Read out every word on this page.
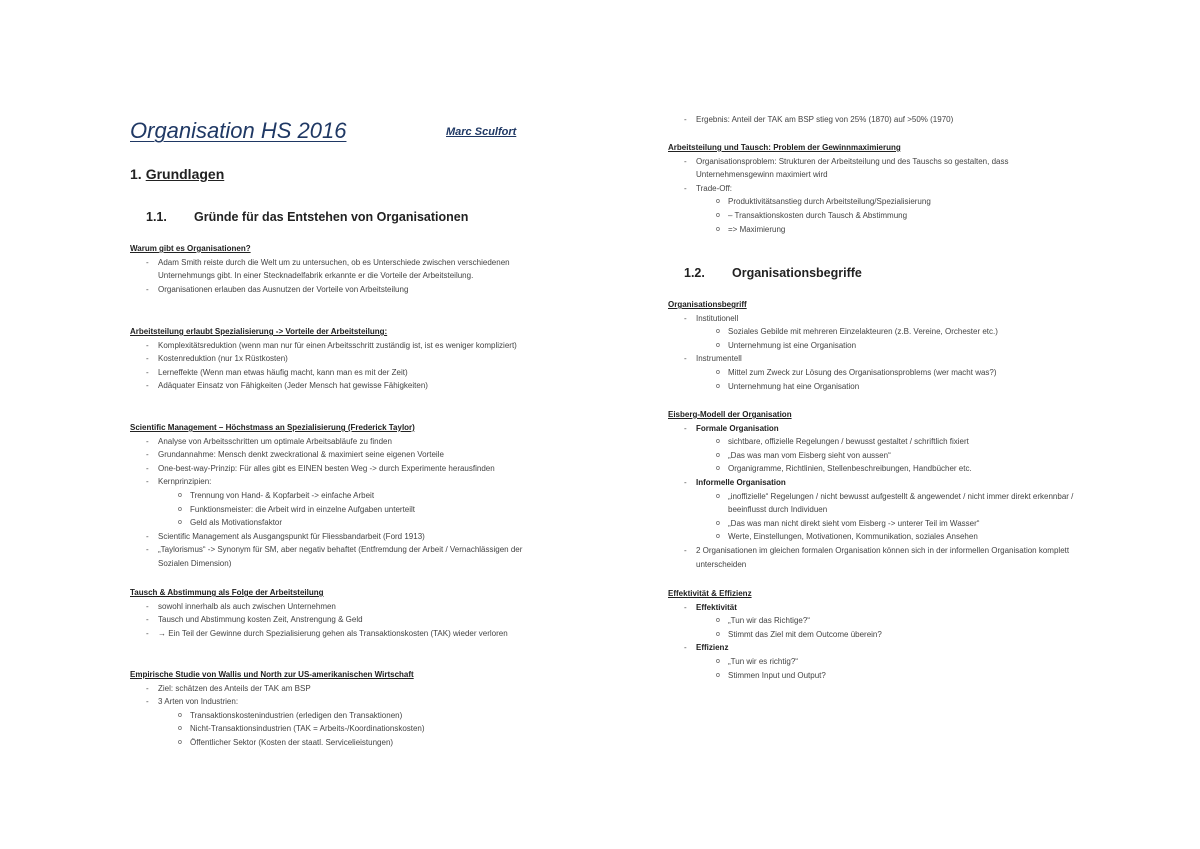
Organisation HS 2016	Marc Sculfort
1. Grundlagen
1.1. Gründe für das Entstehen von Organisationen
Warum gibt es Organisationen?
- Adam Smith reiste durch die Welt um zu untersuchen, ob es Unterschiede zwischen verschiedenen Unternehmungs gibt. In einer Stecknadelfabrik erkannte er die Vorteile der Arbeitsteilung.
- Organisationen erlauben das Ausnutzen der Vorteile von Arbeitsteilung
Arbeitsteilung erlaubt Spezialisierung -> Vorteile der Arbeitsteilung:
- Komplexitätsreduktion (wenn man nur für einen Arbeitsschritt zuständig ist, ist es weniger kompliziert)
- Kostenreduktion (nur 1x Rüstkosten)
- Lerneffekte (Wenn man etwas häufig macht, kann man es mit der Zeit)
- Adäquater Einsatz von Fähigkeiten (Jeder Mensch hat gewisse Fähigkeiten)
Scientific Management – Höchstmass an Spezialisierung (Frederick Taylor)
- Analyse von Arbeitsschritten um optimale Arbeitsabläufe zu finden
- Grundannahme: Mensch denkt zweckrational & maximiert seine eigenen Vorteile
- One-best-way-Prinzip: Für alles gibt es EINEN besten Weg -> durch Experimente herausfinden
- Kernprinzipien:
o Trennung von Hand- & Kopfarbeit -> einfache Arbeit
o Funktionsmeister: die Arbeit wird in einzelne Aufgaben unterteilt
o Geld als Motivationsfaktor
- Scientific Management als Ausgangspunkt für Fliessbandarbeit (Ford 1913)
- „Taylorismus“ -> Synonym für SM, aber negativ behaftet (Entfremdung der Arbeit / Vernachlässigen der Sozialen Dimension)
Tausch & Abstimmung als Folge der Arbeitsteilung
- sowohl innerhalb als auch zwischen Unternehmen
- Tausch und Abstimmung kosten Zeit, Anstrengung & Geld
- → Ein Teil der Gewinne durch Spezialisierung gehen als Transaktionskosten (TAK) wieder verloren
Empirische Studie von Wallis und North zur US-amerikanischen Wirtschaft
- Ziel: schätzen des Anteils der TAK am BSP
- 3 Arten von Industrien:
o Transaktionskostenindustrien (erledigen den Transaktionen)
o Nicht-Transaktionsindustrien (TAK = Arbeits-/Koordinationskosten)
o Öffentlicher Sektor (Kosten der staatl. Servicelieistungen)
- Ergebnis: Anteil der TAK am BSP stieg von 25% (1870) auf >50% (1970)
Arbeitsteilung und Tausch: Problem der Gewinnmaximierung
- Organisationsproblem: Strukturen der Arbeitsteilung und des Tauschs so gestalten, dass Unternehmensgewinn maximiert wird
- Trade-Off:
o Produktivitätsanstieg durch Arbeitsteilung/Spezialisierung
o – Transaktionskosten durch Tausch & Abstimmung
o => Maximierung
1.2. Organisationsbegriffe
Organisationsbegriff
- Institutionell
o Soziales Gebilde mit mehreren Einzelakteuren (z.B. Vereine, Orchester etc.)
o Unternehmung ist eine Organisation
- Instrumentell
o Mittel zum Zweck zur Lösung des Organisationsproblems (wer macht was?)
o Unternehmung hat eine Organisation
Eisberg-Modell der Organisation
- Formale Organisation
o sichtbare, offizielle Regelungen / bewusst gestaltet / schriftlich fixiert
o „Das was man vom Eisberg sieht von aussen“
o Organigramme, Richtlinien, Stellenbeschreibungen, Handbücher etc.
- Informelle Organisation
o „inoffizielle“ Regelungen / nicht bewusst aufgestellt & angewendet / nicht immer direkt erkennbar / beeinflusst durch Individuen
o „Das was man nicht direkt sieht vom Eisberg -> unterer Teil im Wasser“
o Werte, Einstellungen, Motivationen, Kommunikation, soziales Ansehen
- 2 Organisationen im gleichen formalen Organisation können sich in der informellen Organisation komplett unterscheiden
Effektivität & Effizienz
- Effektivität
o „Tun wir das Richtige?“
o Stimmt das Ziel mit dem Outcome überein?
- Effizienz
o „Tun wir es richtig?“
o Stimmen Input und Output?
